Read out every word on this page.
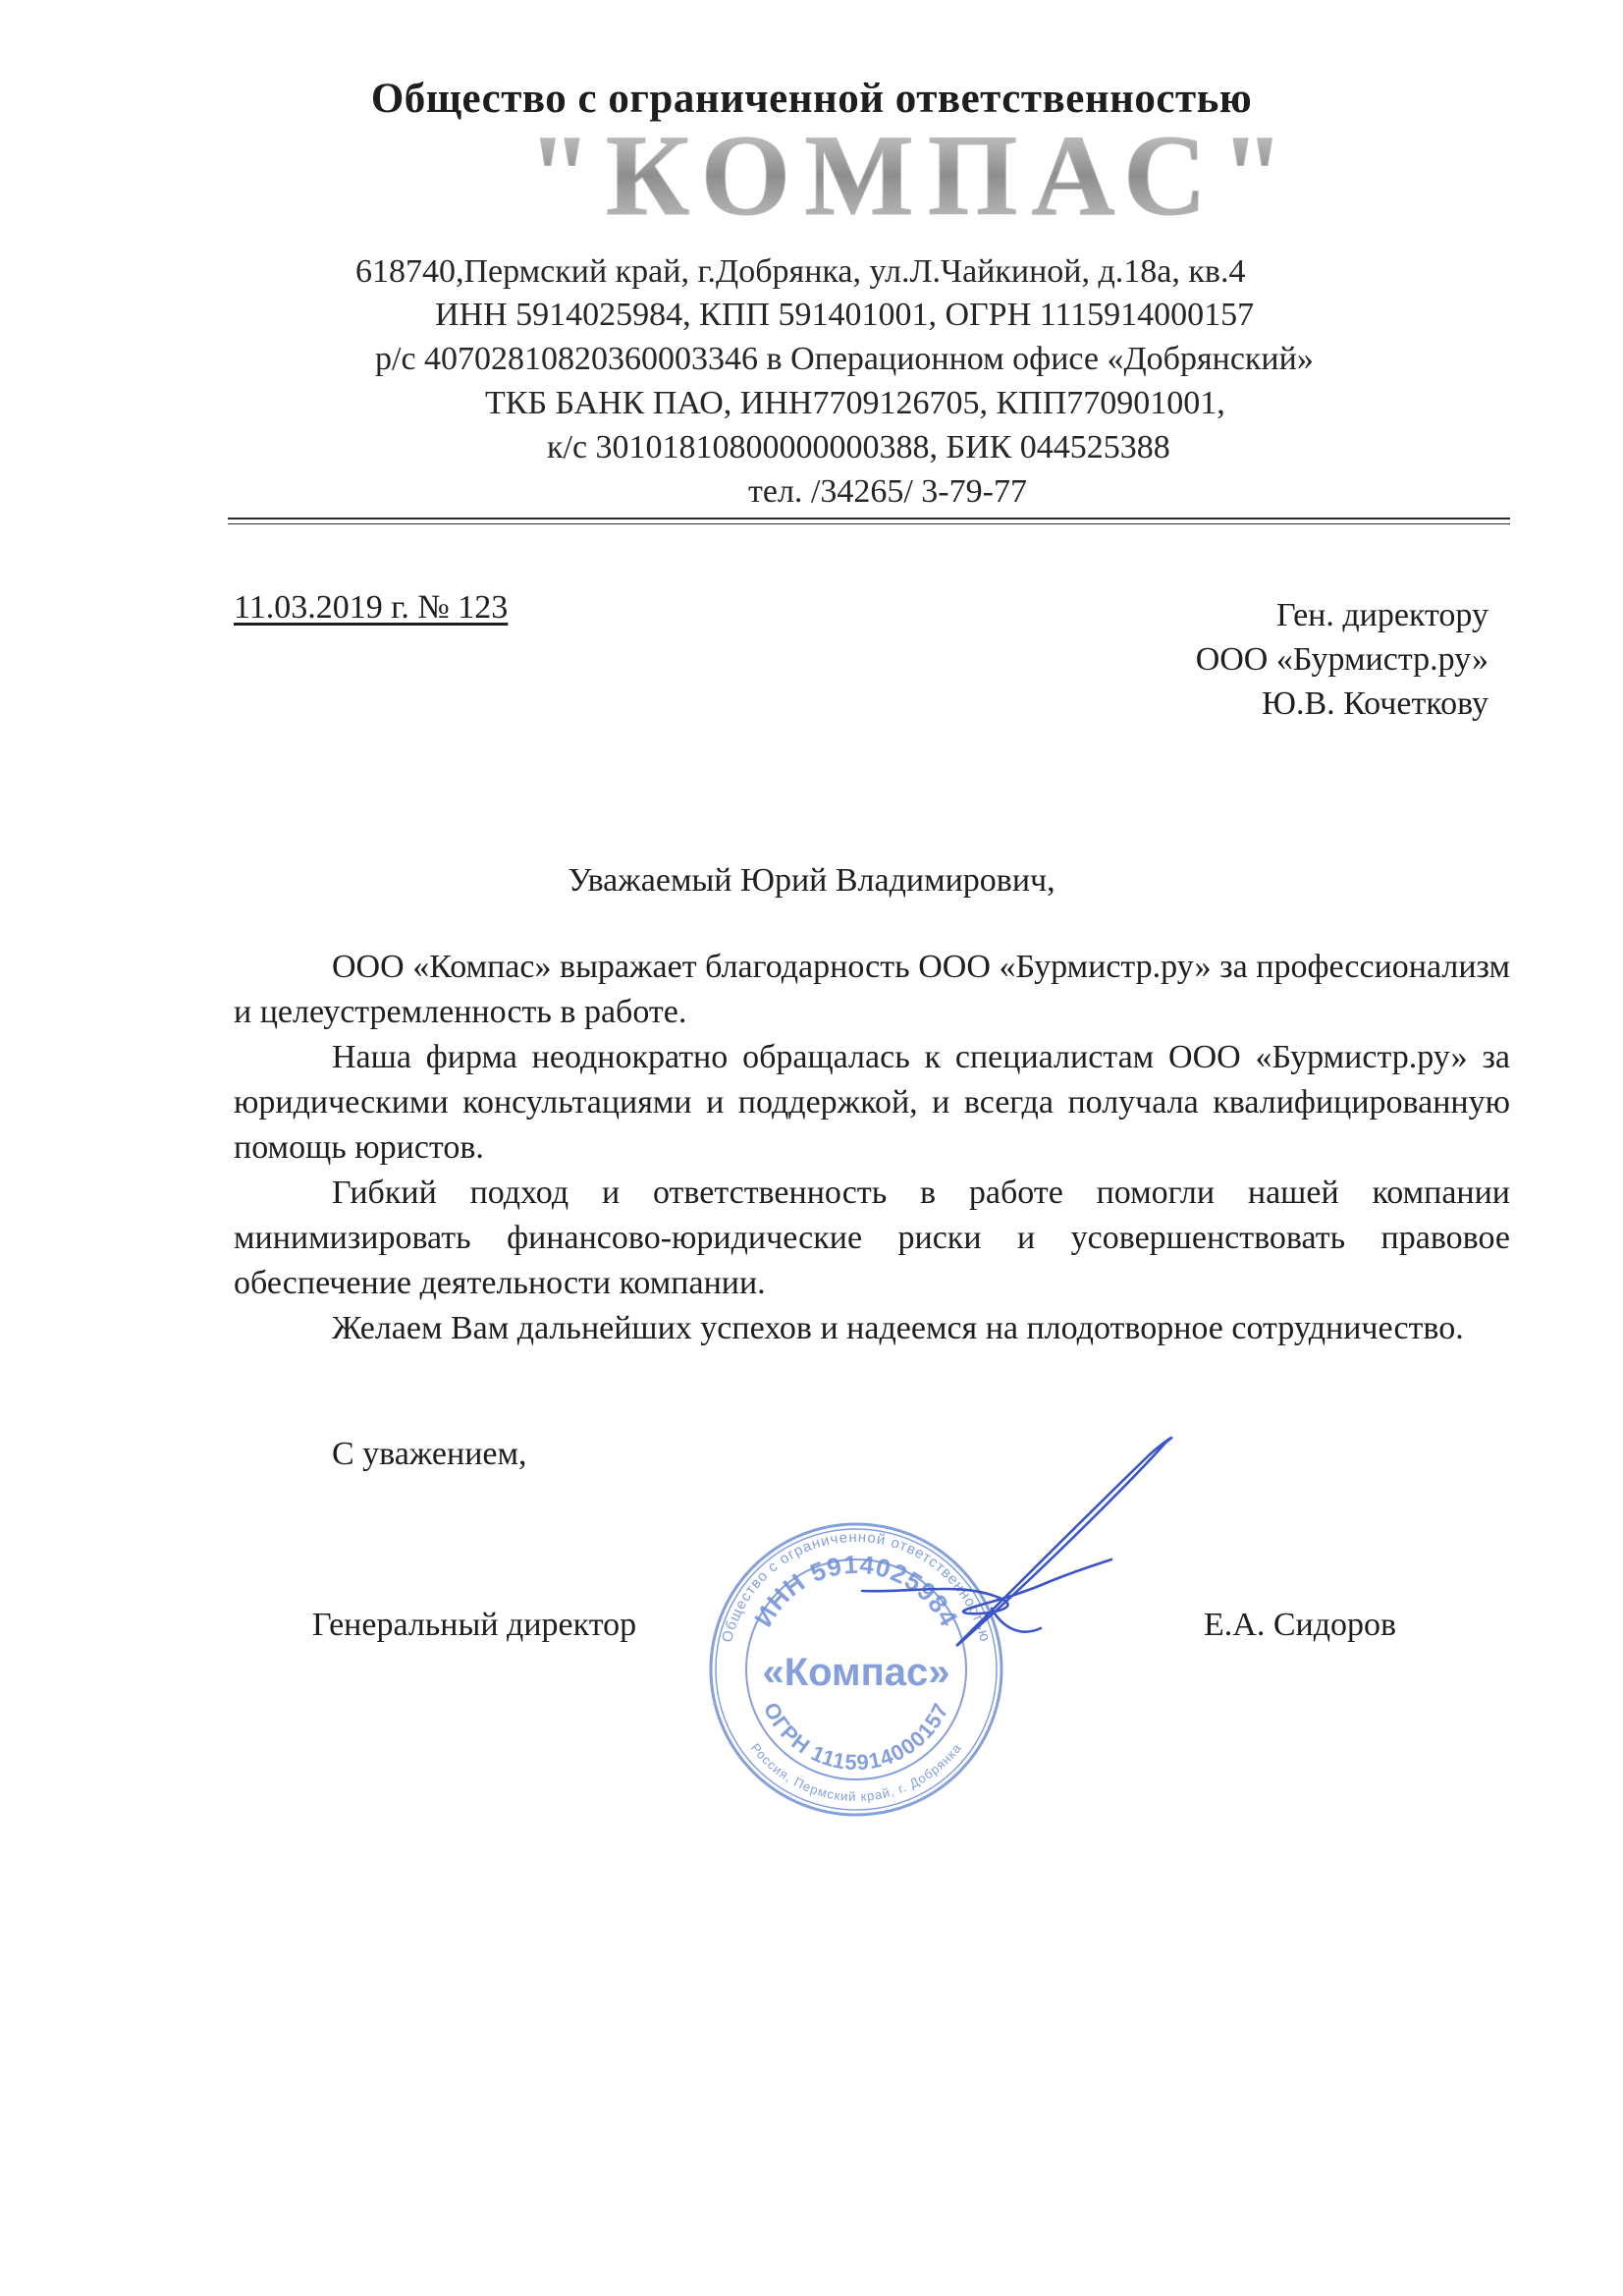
Общество с ограниченной ответственностью
"КОМПАС"
618740,Пермский край, г.Добрянка, ул.Л.Чайкиной, д.18а, кв.4
ИНН 5914025984, КПП 591401001, ОГРН 1115914000157
р/с 40702810820360003346 в Операционном офисе «Добрянский»
ТКБ БАНК ПАО, ИНН7709126705, КПП770901001,
к/с 30101810800000000388, БИК 044525388
тел. /34265/ 3-79-77
11.03.2019 г. № 123	Ген. директору
ООО «Бурмистр.ру»
Ю.В. Кочеткову
Уважаемый Юрий Владимирович,

ООО «Компас» выражает благодарность ООО «Бурмистр.ру» за профессионализм и целеустремленность в работе.

Наша фирма неоднократно обращалась к специалистам ООО «Бурмистр.ру» за юридическими консультациями и поддержкой, и всегда получала квалифицированную помощь юристов.

Гибкий подход и ответственность в работе помогли нашей компании минимизировать финансово-юридические риски и усовершенствовать правовое обеспечение деятельности компании.

Желаем Вам дальнейших успехов и надеемся на плодотворное сотрудничество.

С уважением,
Генеральный директор	Е.А. Сидоров
Общество с ограниченной ответственностью
Россия, Пермский край, г. Добрянка
ИНН 5914025984
ОГРН 1115914000157
«Компас»
